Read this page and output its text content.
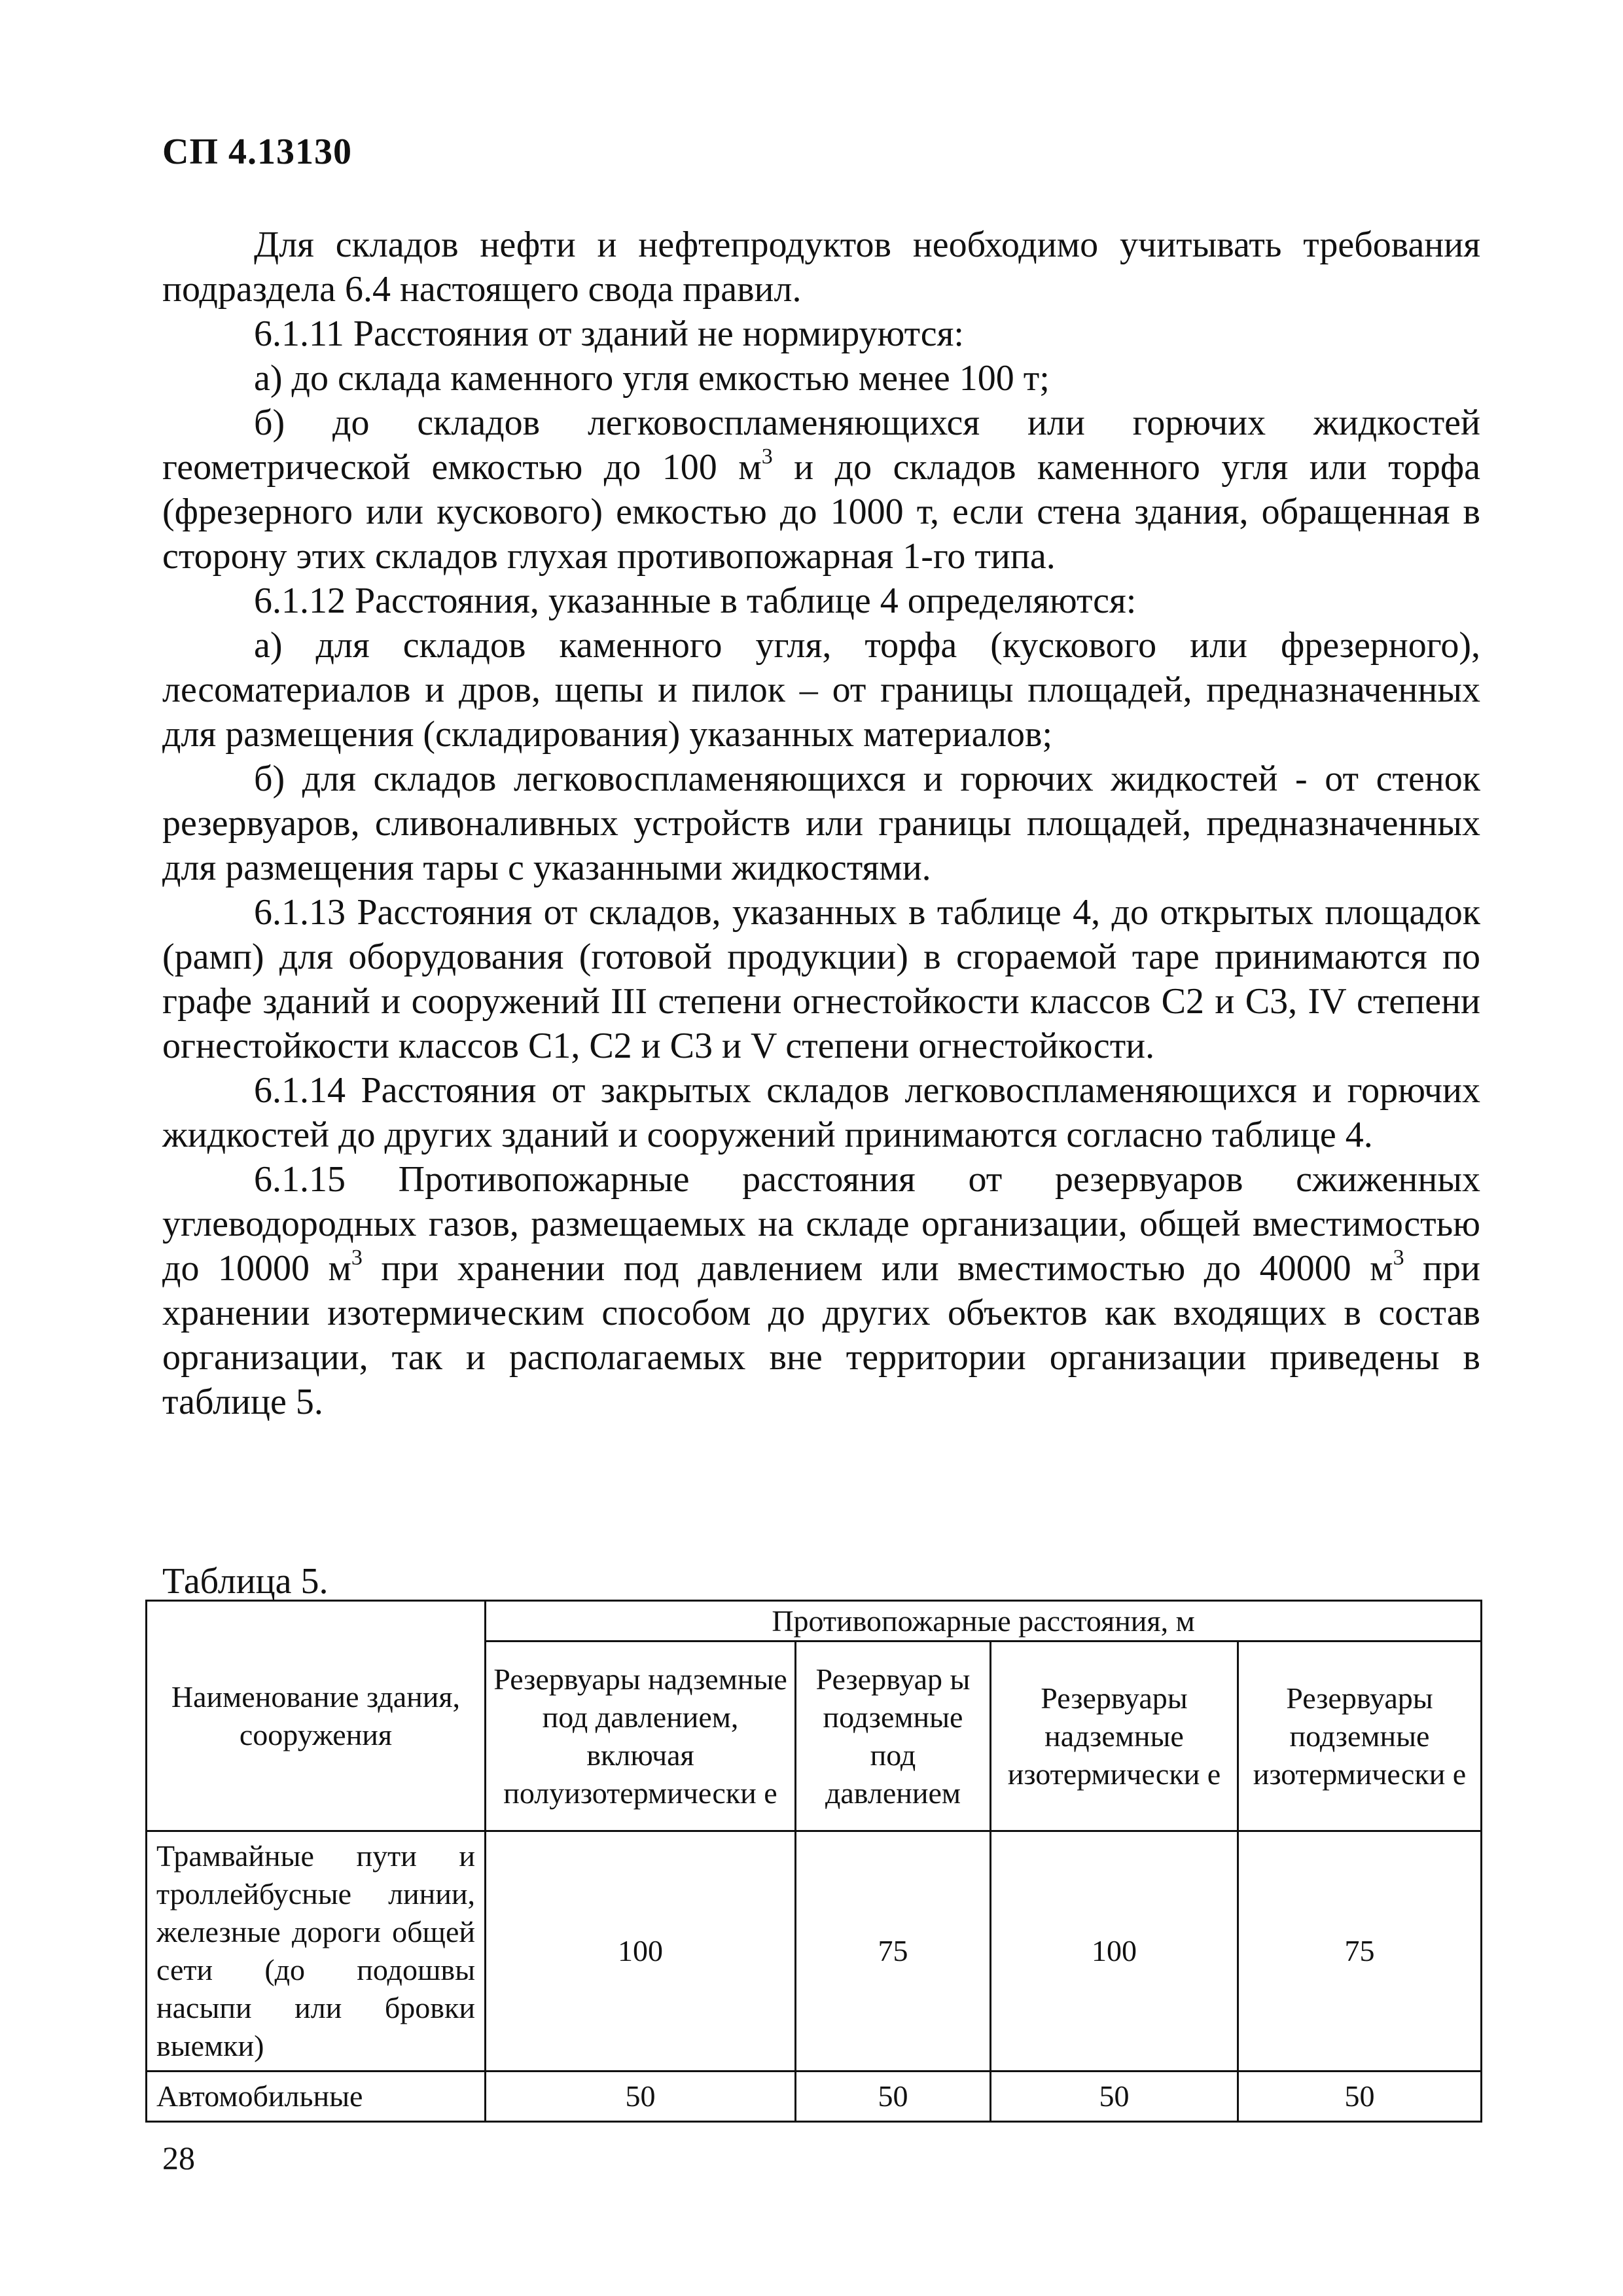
СП 4.13130

Для складов нефти и нефтепродуктов необходимо учитывать требования подраздела 6.4 настоящего свода правил.

6.1.11 Расстояния от зданий не нормируются:

а) до склада каменного угля емкостью менее 100 т;

б) до складов легковоспламеняющихся или горючих жидкостей геометрической емкостью до 100 $м^3$ и до складов каменного угля или торфа (фрезерного или кускового) емкостью до 1000 т, если стена здания, обращенная в сторону этих складов глухая противопожарная 1-го типа.

6.1.12 Расстояния, указанные в таблице 4 определяются:

а) для складов каменного угля, торфа (кускового или фрезерного), лесоматериалов и дров, щепы и пилок – от границы площадей, предназначенных для размещения (складирования) указанных материалов;

б) для складов легковоспламеняющихся и горючих жидкостей - от стенок резервуаров, сливоналивных устройств или границы площадей, предназначенных для размещения тары с указанными жидкостями.

6.1.13 Расстояния от складов, указанных в таблице 4, до открытых площадок (рамп) для оборудования (готовой продукции) в сгораемой таре принимаются по графе зданий и сооружений III степени огнестойкости классов С2 и С3, IV степени огнестойкости классов С1, С2 и С3 и V степени огнестойкости.

6.1.14 Расстояния от закрытых складов легковоспламеняющихся и горючих жидкостей до других зданий и сооружений принимаются согласно таблице 4.

6.1.15 Противопожарные расстояния от резервуаров сжиженных углеводородных газов, размещаемых на складе организации, общей вместимостью до 10000 $м^3$ при хранении под давлением или вместимостью до 40000 $м^3$ при хранении изотермическим способом до других объектов как входящих в состав организации, так и располагаемых вне территории организации приведены в таблице 5.

Таблица 5.
Наименование здания, сооружения	Противопожарные расстояния, м			
	Резервуары надземные под давлением, включая полуизотермически е	Резервуар ы подземные под давлением	Резервуары надземные изотермически е	Резервуары подземные изотермически е
Трамвайные пути и троллейбусные линии, железные дороги общей сети (до подошвы насыпи или бровки выемки)	100	75	100	75
Автомобильные	50	50	50	50
28
